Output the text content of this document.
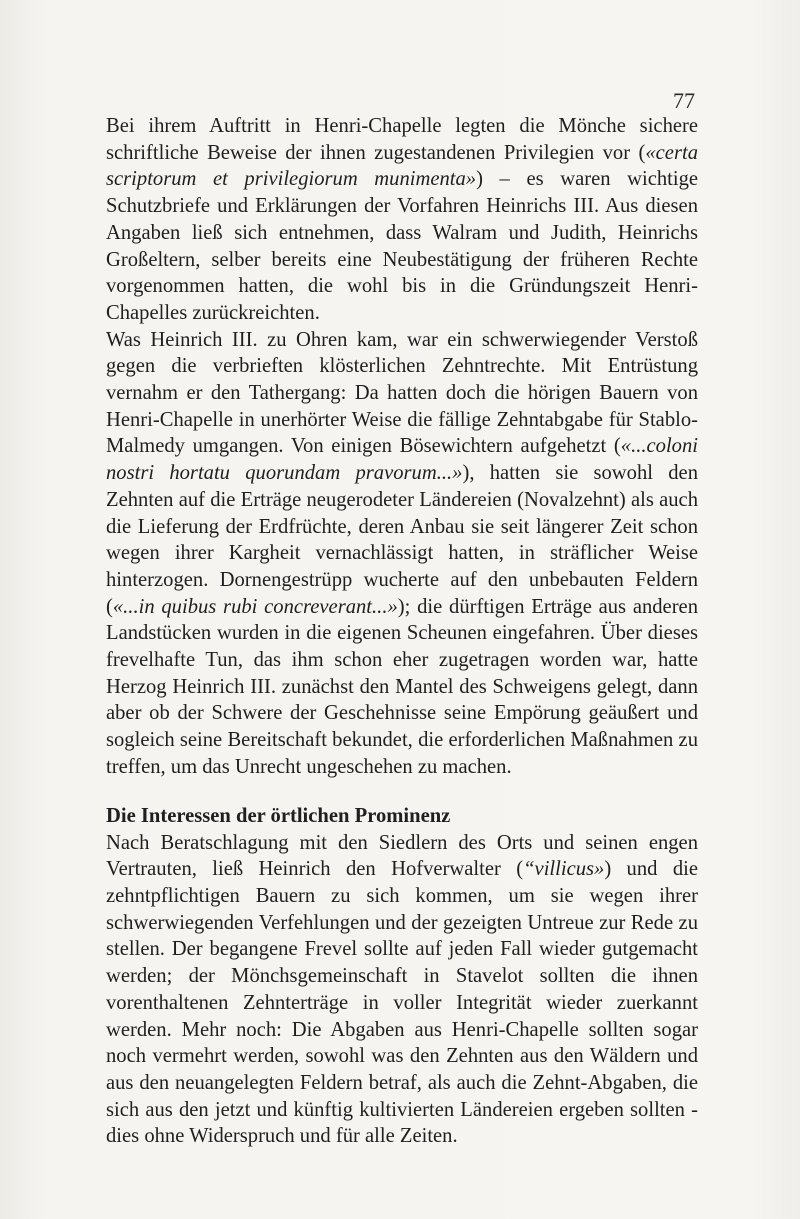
77

Bei ihrem Auftritt in Henri-Chapelle legten die Mönche sichere schriftliche Beweise der ihnen zugestandenen Privilegien vor («certa scriptorum et privilegiorum munimenta») – es waren wichtige Schutzbriefe und Erklärungen der Vorfahren Heinrichs III. Aus diesen Angaben ließ sich entnehmen, dass Walram und Judith, Heinrichs Großeltern, selber bereits eine Neubestätigung der früheren Rechte vorgenommen hatten, die wohl bis in die Gründungszeit Henri-Chapelles zurückreichten.

Was Heinrich III. zu Ohren kam, war ein schwerwiegender Verstoß gegen die verbrieften klösterlichen Zehntrechte. Mit Entrüstung vernahm er den Tathergang: Da hatten doch die hörigen Bauern von Henri-Chapelle in unerhörter Weise die fällige Zehntabgabe für Stablo-Malmedy umgangen. Von einigen Bösewichtern aufgehetzt («...coloni nostri hortatu quorundam pravorum...»), hatten sie sowohl den Zehnten auf die Erträge neugerodeter Ländereien (Novalzehnt) als auch die Lieferung der Erdfrüchte, deren Anbau sie seit längerer Zeit schon wegen ihrer Kargheit vernachlässigt hatten, in sträflicher Weise hinterzogen. Dornengestrüpp wucherte auf den unbebauten Feldern («...in quibus rubi concreverant...»); die dürftigen Erträge aus anderen Landstücken wurden in die eigenen Scheunen eingefahren. Über dieses frevelhafte Tun, das ihm schon eher zugetragen worden war, hatte Herzog Heinrich III. zunächst den Mantel des Schweigens gelegt, dann aber ob der Schwere der Geschehnisse seine Empörung geäußert und sogleich seine Bereitschaft bekundet, die erforderlichen Maßnahmen zu treffen, um das Unrecht ungeschehen zu machen.

Die Interessen der örtlichen Prominenz

Nach Beratschlagung mit den Siedlern des Orts und seinen engen Vertrauten, ließ Heinrich den Hofverwalter (“villicus») und die zehntpflichtigen Bauern zu sich kommen, um sie wegen ihrer schwerwiegenden Verfehlungen und der gezeigten Untreue zur Rede zu stellen. Der begangene Frevel sollte auf jeden Fall wieder gutgemacht werden; der Mönchsgemeinschaft in Stavelot sollten die ihnen vorenthaltenen Zehnterträge in voller Integrität wieder zuerkannt werden. Mehr noch: Die Abgaben aus Henri-Chapelle sollten sogar noch vermehrt werden, sowohl was den Zehnten aus den Wäldern und aus den neuangelegten Feldern betraf, als auch die Zehnt-Abgaben, die sich aus den jetzt und künftig kultivierten Ländereien ergeben sollten - dies ohne Widerspruch und für alle Zeiten.
